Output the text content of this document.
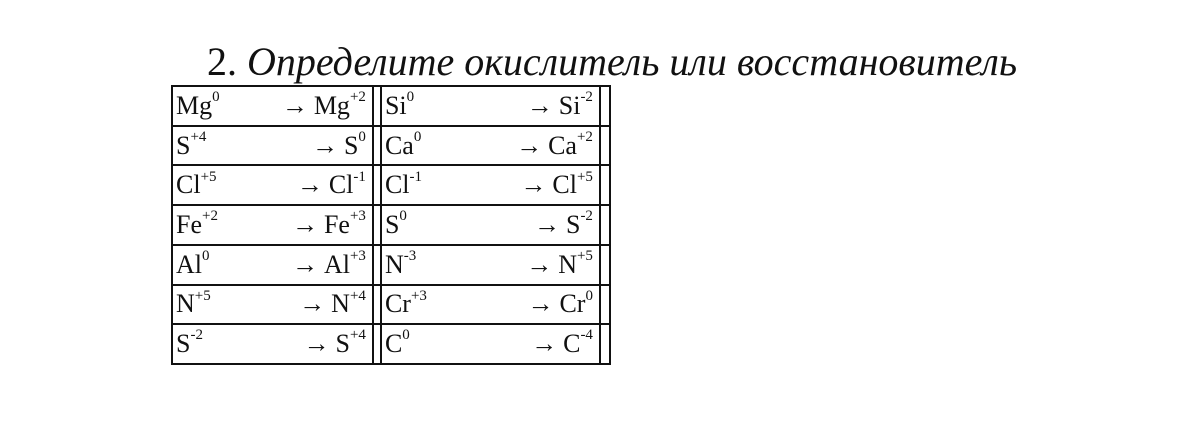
2. Определите окислитель или восстановитель
$Mg^0 \to Mg^{+2}$		$Si^0 \to Si^{-2}$

$S^{+4} \to S^0$		$Ca^0 \to Ca^{+2}$

$Cl^{+5} \to Cl^{-1}$		$Cl^{-1} \to Cl^{+5}$

$Fe^{+2} \to Fe^{+3}$		$S^0 \to S^{-2}$

$Al^0 \to Al^{+3}$		$N^{-3} \to N^{+5}$

$N^{+5} \to N^{+4}$		$Cr^{+3} \to Cr^0$

$S^{-2} \to S^{+4}$		$C^0 \to C^{-4}$
